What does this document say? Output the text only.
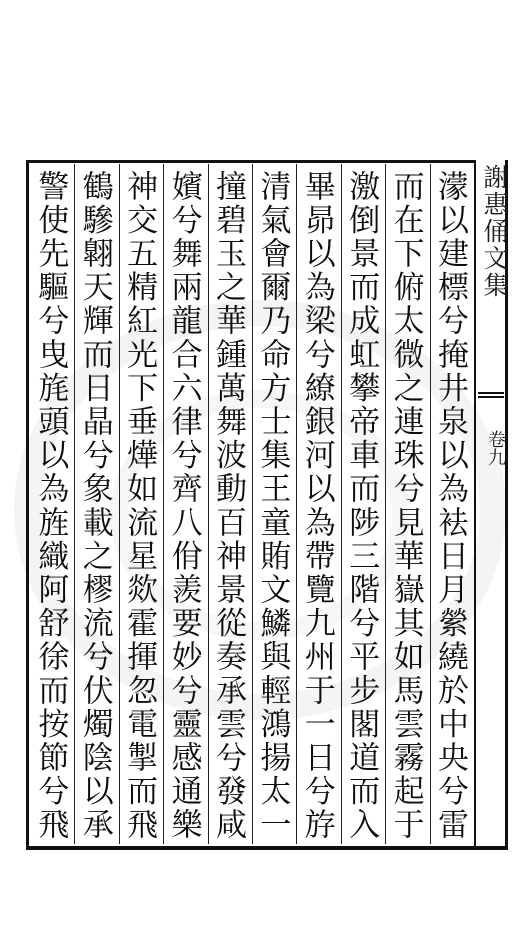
謝惠俑文集
卷九
濛以建標兮掩井泉以為袪日月縈繞於中央兮雷
而在下俯太微之連珠兮見華嶽其如馬雲霧起于
激倒景而成虹攀帝車而陟三階兮平步閣道而入
畢昴以為梁兮繚銀河以為帶覽九州于一日兮斿
清氣會爾乃命方士集王童賄文鱗與輕鴻揚太一
撞碧玉之華鍾萬舞波動百神景從奏承雲兮發咸
嬪兮舞兩龍合六律兮齊八佾羨要妙兮靈感通樂
神交五精紅光下垂燁如流星欻霍揮忽電掣而飛
鶴驂翺天輝而日晶兮象載之樛流兮伏燭陰以承
警使先驅兮曳旄頭以為旌織阿舒徐而按節兮飛
